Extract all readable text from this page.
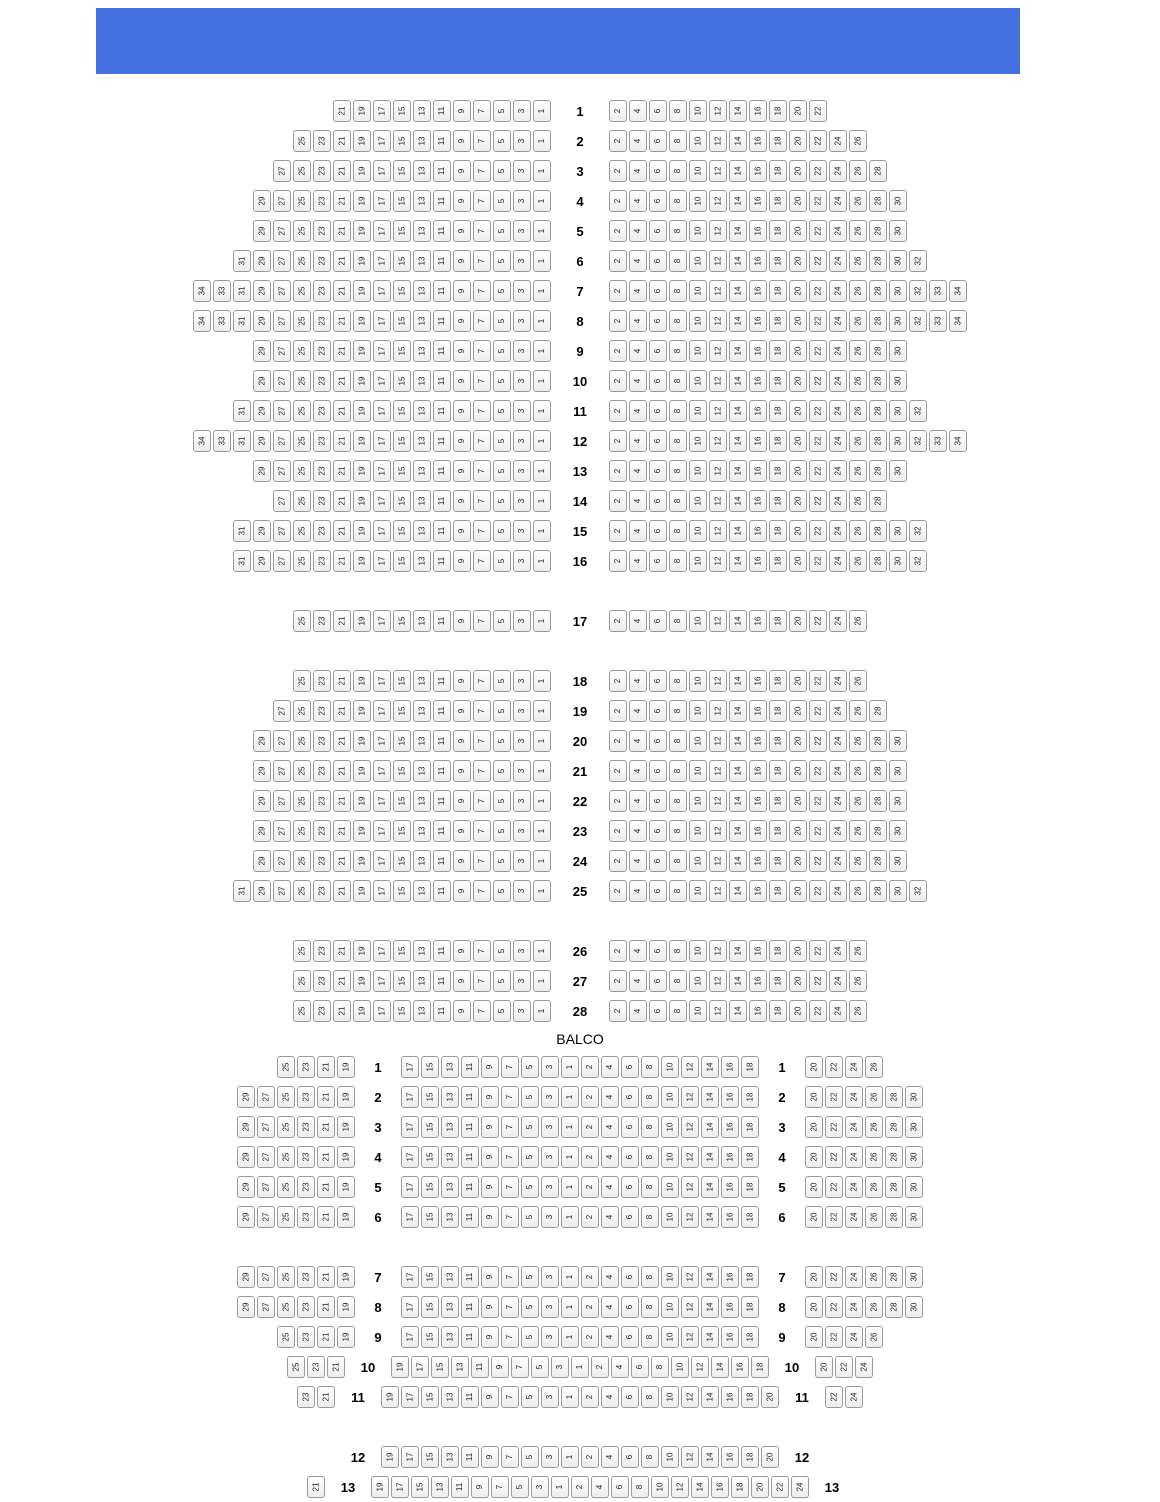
21 19 17 15 13 11 9 7 5 3 1	1	2 4 6 8 10 12 14 16 18 20 22
25 23 21 19 17 15 13 11 9 7 5 3 1	2	2 4 6 8 10 12 14 16 18 20 22 24 26
27 25 23 21 19 17 15 13 11 9 7 5 3 1	3	2 4 6 8 10 12 14 16 18 20 22 24 26 28
29 27 25 23 21 19 17 15 13 11 9 7 5 3 1	4	2 4 6 8 10 12 14 16 18 20 22 24 26 28 30
29 27 25 23 21 19 17 15 13 11 9 7 5 3 1	5	2 4 6 8 10 12 14 16 18 20 22 24 26 28 30
31 29 27 25 23 21 19 17 15 13 11 9 7 5 3 1	6	2 4 6 8 10 12 14 16 18 20 22 24 26 28 30 32
34 33 31 29 27 25 23 21 19 17 15 13 11 9 7 5 3 1	7	2 4 6 8 10 12 14 16 18 20 22 24 26 28 30 32 33 34
34 33 31 29 27 25 23 21 19 17 15 13 11 9 7 5 3 1	8	2 4 6 8 10 12 14 16 18 20 22 24 26 28 30 32 33 34
29 27 25 23 21 19 17 15 13 11 9 7 5 3 1	9	2 4 6 8 10 12 14 16 18 20 22 24 26 28 30
29 27 25 23 21 19 17 15 13 11 9 7 5 3 1	10	2 4 6 8 10 12 14 16 18 20 22 24 26 28 30
31 29 27 25 23 21 19 17 15 13 11 9 7 5 3 1	11	2 4 6 8 10 12 14 16 18 20 22 24 26 28 30 32
34 33 31 29 27 25 23 21 19 17 15 13 11 9 7 5 3 1	12	2 4 6 8 10 12 14 16 18 20 22 24 26 28 30 32 33 34
29 27 25 23 21 19 17 15 13 11 9 7 5 3 1	13	2 4 6 8 10 12 14 16 18 20 22 24 26 28 30
27 25 23 21 19 17 15 13 11 9 7 5 3 1	14	2 4 6 8 10 12 14 16 18 20 22 24 26 28
31 29 27 25 23 21 19 17 15 13 11 9 7 5 3 1	15	2 4 6 8 10 12 14 16 18 20 22 24 26 28 30 32
31 29 27 25 23 21 19 17 15 13 11 9 7 5 3 1	16	2 4 6 8 10 12 14 16 18 20 22 24 26 28 30 32
25 23 21 19 17 15 13 11 9 7 5 3 1	17	2 4 6 8 10 12 14 16 18 20 22 24 26
25 23 21 19 17 15 13 11 9 7 5 3 1	18	2 4 6 8 10 12 14 16 18 20 22 24 26
27 25 23 21 19 17 15 13 11 9 7 5 3 1	19	2 4 6 8 10 12 14 16 18 20 22 24 26 28
29 27 25 23 21 19 17 15 13 11 9 7 5 3 1	20	2 4 6 8 10 12 14 16 18 20 22 24 26 28 30
29 27 25 23 21 19 17 15 13 11 9 7 5 3 1	21	2 4 6 8 10 12 14 16 18 20 22 24 26 28 30
29 27 25 23 21 19 17 15 13 11 9 7 5 3 1	22	2 4 6 8 10 12 14 16 18 20 22 24 26 28 30
29 27 25 23 21 19 17 15 13 11 9 7 5 3 1	23	2 4 6 8 10 12 14 16 18 20 22 24 26 28 30
29 27 25 23 21 19 17 15 13 11 9 7 5 3 1	24	2 4 6 8 10 12 14 16 18 20 22 24 26 28 30
31 29 27 25 23 21 19 17 15 13 11 9 7 5 3 1	25	2 4 6 8 10 12 14 16 18 20 22 24 26 28 30 32
25 23 21 19 17 15 13 11 9 7 5 3 1	26	2 4 6 8 10 12 14 16 18 20 22 24 26
25 23 21 19 17 15 13 11 9 7 5 3 1	27	2 4 6 8 10 12 14 16 18 20 22 24 26
25 23 21 19 17 15 13 11 9 7 5 3 1	28	2 4 6 8 10 12 14 16 18 20 22 24 26
BALCO
25 23 21 19	1	17 15 13 11 9 7 5 3 1 2 4 6 8 10 12 14 16 18	1	20 22 24 26
29 27 25 23 21 19	2	17 15 13 11 9 7 5 3 1 2 4 6 8 10 12 14 16 18	2	20 22 24 26 28 30
29 27 25 23 21 19	3	17 15 13 11 9 7 5 3 1 2 4 6 8 10 12 14 16 18	3	20 22 24 26 28 30
29 27 25 23 21 19	4	17 15 13 11 9 7 5 3 1 2 4 6 8 10 12 14 16 18	4	20 22 24 26 28 30
29 27 25 23 21 19	5	17 15 13 11 9 7 5 3 1 2 4 6 8 10 12 14 16 18	5	20 22 24 26 28 30
29 27 25 23 21 19	6	17 15 13 11 9 7 5 3 1 2 4 6 8 10 12 14 16 18	6	20 22 24 26 28 30
29 27 25 23 21 19	7	17 15 13 11 9 7 5 3 1 2 4 6 8 10 12 14 16 18	7	20 22 24 26 28 30
29 27 25 23 21 19	8	17 15 13 11 9 7 5 3 1 2 4 6 8 10 12 14 16 18	8	20 22 24 26 28 30
25 23 21 19	9	17 15 13 11 9 7 5 3 1 2 4 6 8 10 12 14 16 18	9	20 22 24 26
25 23 21	10	19 17 15 13 11 9 7 5 3 1 2 4 6 8 10 12 14 16 18	10	20 22 24
23 21	11	19 17 15 13 11 9 7 5 3 1 2 4 6 8 10 12 14 16 18 20	11	22 24
12	19 17 15 13 11 9 7 5 3 1 2 4 6 8 10 12 14 16 18 20	12
21	13	19 17 15 13 11 9 7 5 3 1 2 4 6 8 10 12 14 16 18 20 22 24	13
